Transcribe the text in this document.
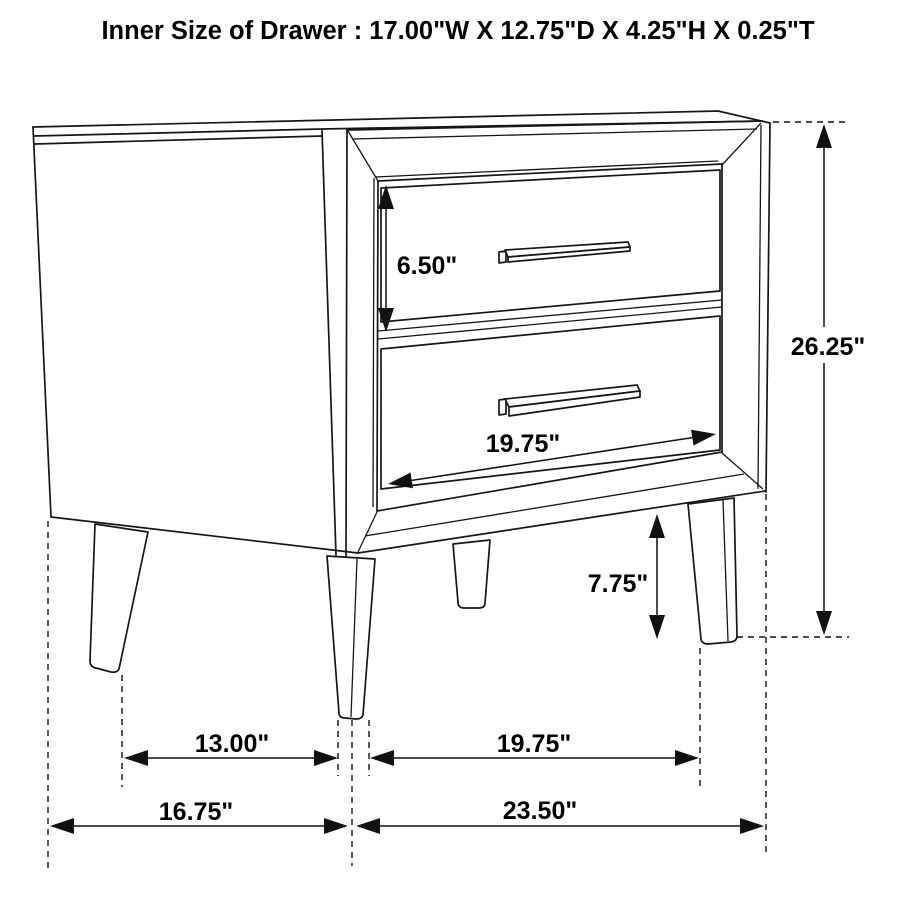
Inner Size of Drawer : 17.00"W X 12.75"D X 4.25"H X 0.25"T
6.50"
19.75"
26.25"
7.75"
13.00"	19.75"
16.75"	23.50"
